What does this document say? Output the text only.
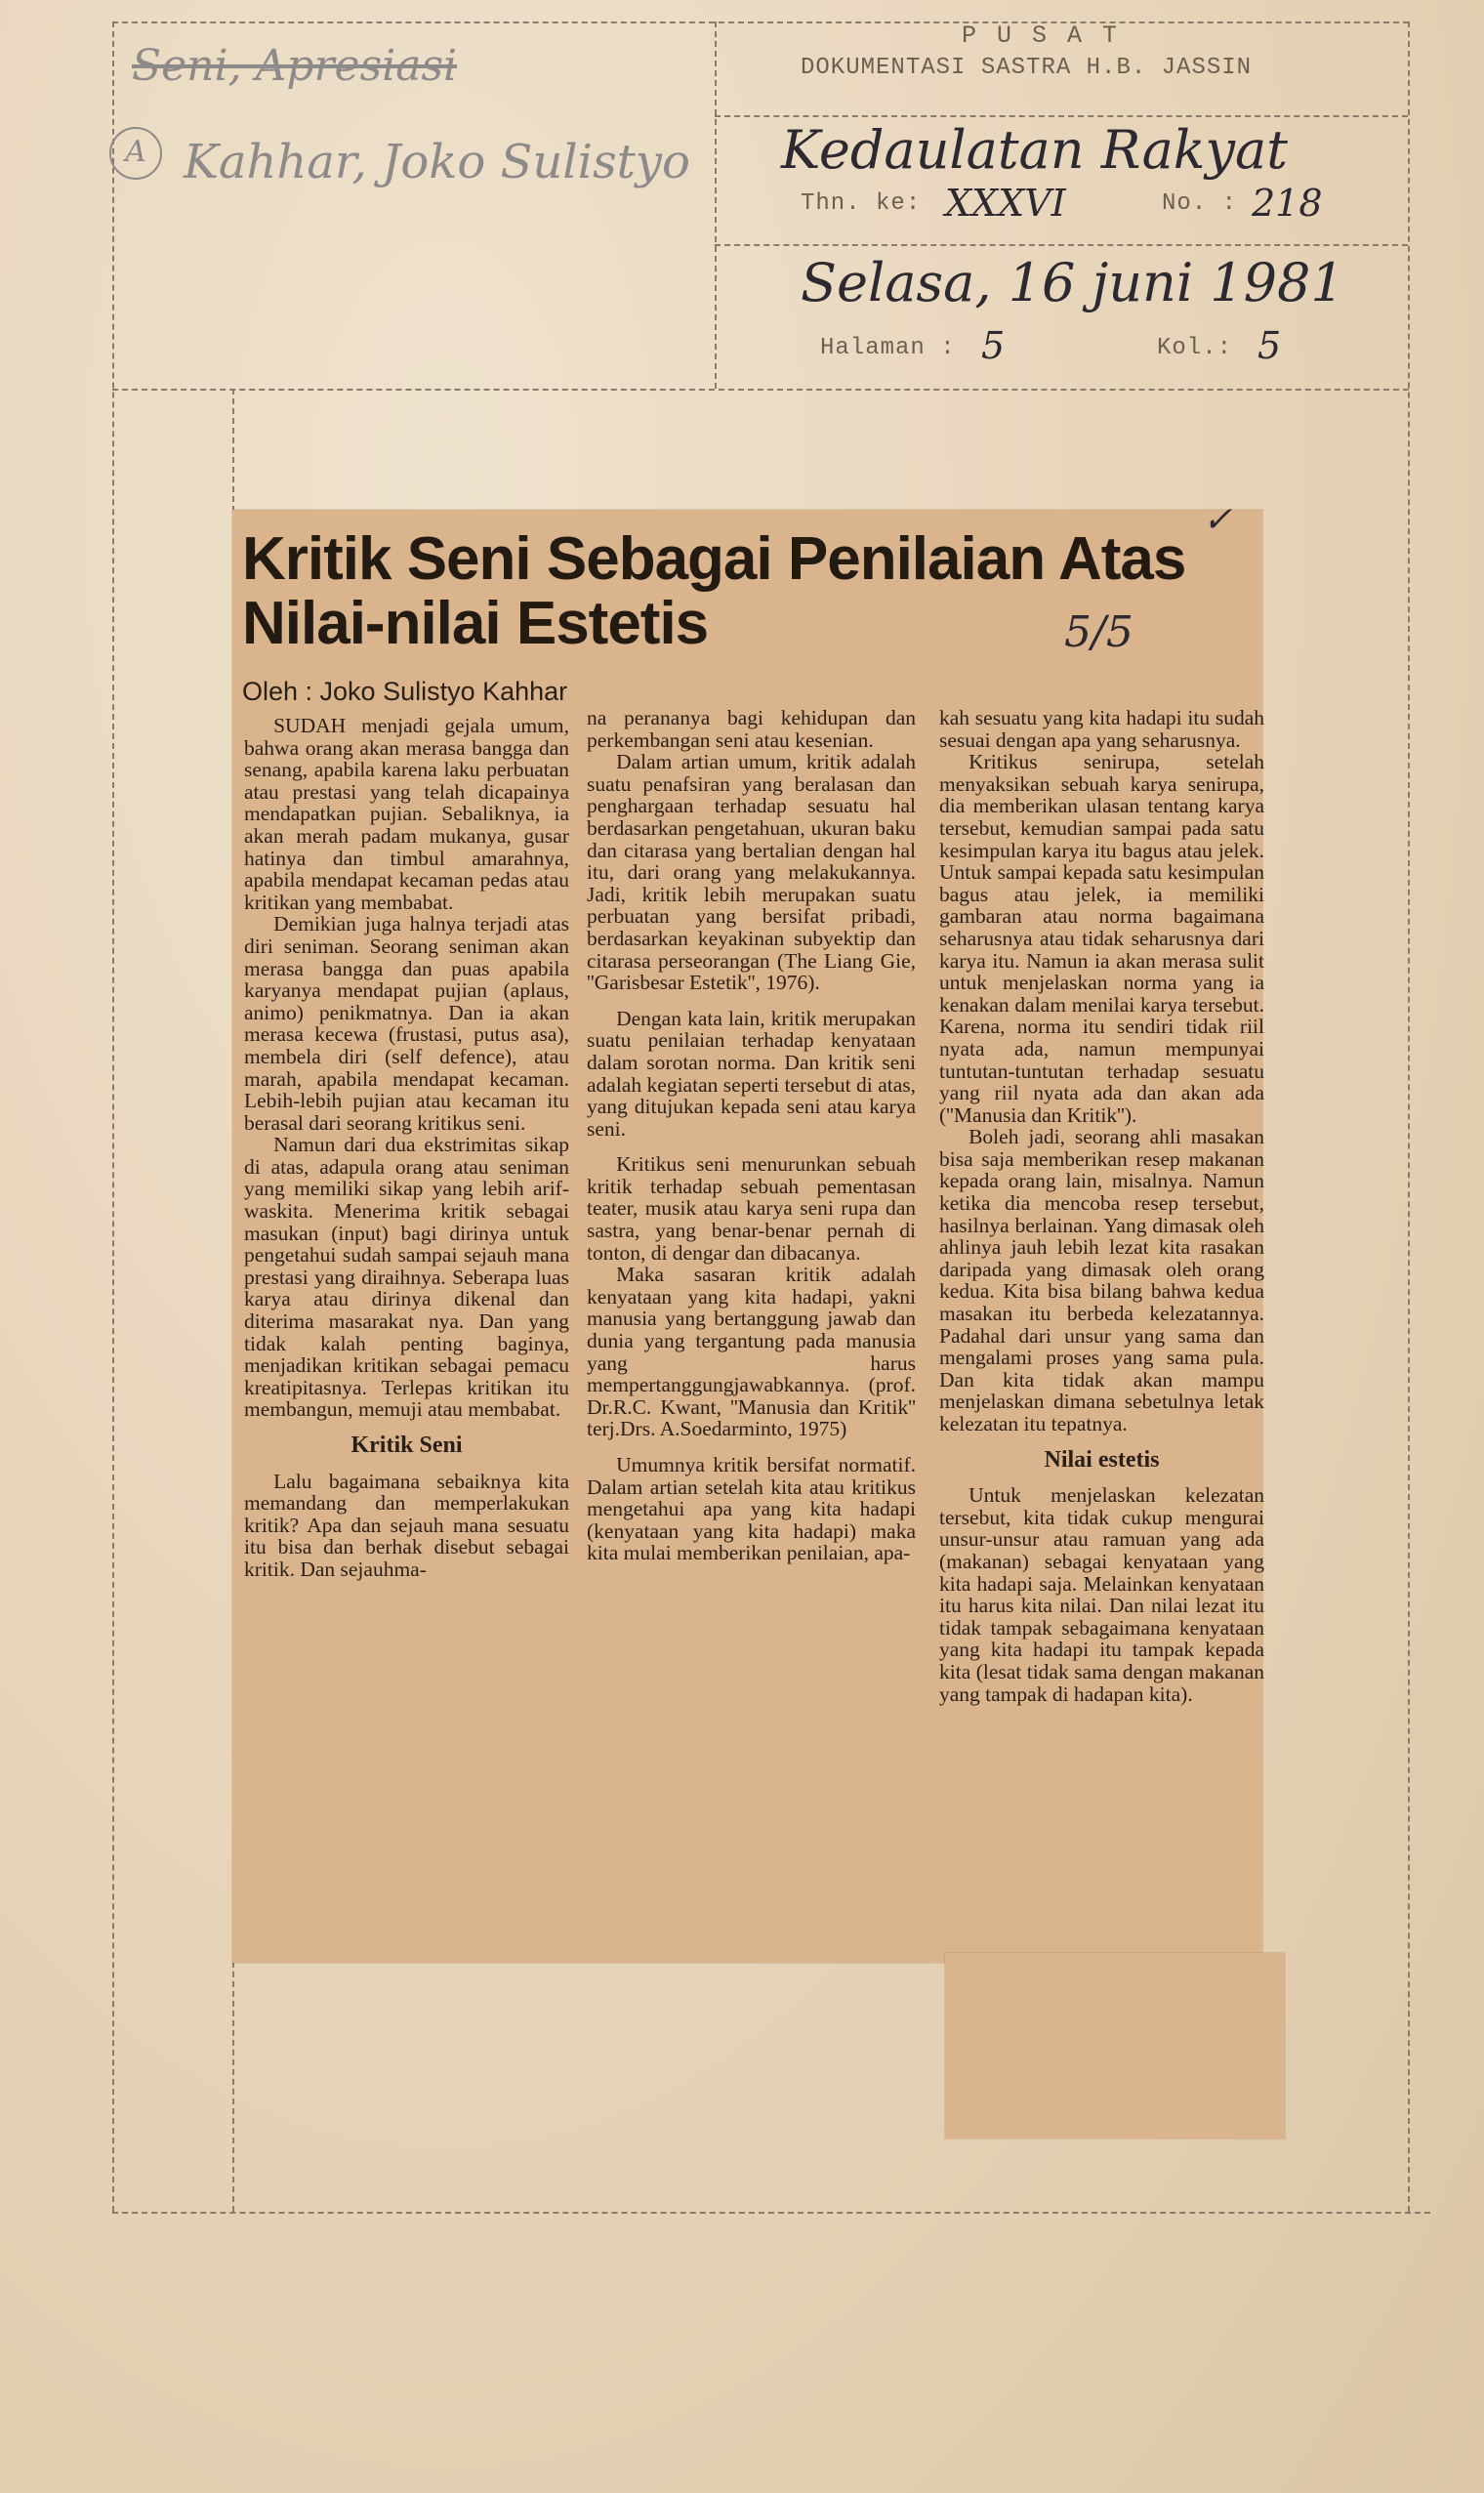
P U S A T
DOKUMENTASI SASTRA H.B. JASSIN
Seni, Apresiasi
A Kahhar, Joko Sulistyo Kedaulatan Rakyat
Thn. ke: XXXVI	No. : 218
Selasa, 16 juni 1981
Halaman : 5	Kol.: 5
Kritik Seni Sebagai Penilaian Atas Nilai-nilai Estetis	5/5
✓
Oleh : Joko Sulistyo Kahhar

SUDAH menjadi gejala umum, bahwa orang akan merasa bangga dan senang, apabila karena laku perbuatan atau prestasi yang telah dicapainya mendapatkan pujian. Sebaliknya, ia akan merah padam mukanya, gusar hatinya dan timbul amarahnya, apabila mendapat kecaman pedas atau kritikan yang membabat.

Demikian juga halnya terjadi atas diri seniman. Seorang seniman akan merasa bangga dan puas apabila karyanya mendapat pujian (aplaus, animo) penikmatnya. Dan ia akan merasa kecewa (frustasi, putus asa), membela diri (self defence), atau marah, apabila mendapat kecaman. Lebih-lebih pujian atau kecaman itu berasal dari seorang kritikus seni.

Namun dari dua ekstrimitas sikap di atas, adapula orang atau seniman yang memiliki sikap yang lebih arif-waskita. Menerima kritik sebagai masukan (input) bagi dirinya untuk pengetahui sudah sampai sejauh mana prestasi yang diraihnya. Seberapa luas karya atau dirinya dikenal dan diterima masarakat nya. Dan yang tidak kalah penting baginya, menjadikan kritikan sebagai pemacu kreatipitasnya. Terlepas kritikan itu membangun, memuji atau membabat.

Kritik Seni

Lalu bagaimana sebaiknya kita memandang dan memperlakukan kritik? Apa dan sejauh mana sesuatu itu bisa dan berhak disebut sebagai kritik. Dan sejauhma-

na perananya bagi kehidupan dan perkembangan seni atau kesenian.

Dalam artian umum, kritik adalah suatu penafsiran yang beralasan dan penghargaan terhadap sesuatu hal berdasarkan pengetahuan, ukuran baku dan citarasa yang bertalian dengan hal itu, dari orang yang melakukannya. Jadi, kritik lebih merupakan suatu perbuatan yang bersifat pribadi, berdasarkan keyakinan subyektip dan citarasa perseorangan (The Liang Gie, ''Garisbesar Estetik'', 1976).

Dengan kata lain, kritik merupakan suatu penilaian terhadap kenyataan dalam sorotan norma. Dan kritik seni adalah kegiatan seperti tersebut di atas, yang ditujukan kepada seni atau karya seni.

Kritikus seni menurunkan sebuah kritik terhadap sebuah pementasan teater, musik atau karya seni rupa dan sastra, yang benar-benar pernah di tonton, di dengar dan dibacanya.

Maka sasaran kritik adalah kenyataan yang kita hadapi, yakni manusia yang bertanggung jawab dan dunia yang tergantung pada manusia yang harus mempertanggungjawabkannya. (prof. Dr.R.C. Kwant, ''Manusia dan Kritik'' terj.Drs. A.Soedarminto, 1975)

Umumnya kritik bersifat normatif. Dalam artian setelah kita atau kritikus mengetahui apa yang kita hadapi (kenyataan yang kita hadapi) maka kita mulai memberikan penilaian, apa-

kah sesuatu yang kita hadapi itu sudah sesuai dengan apa yang seharusnya.

Kritikus senirupa, setelah menyaksikan sebuah karya senirupa, dia memberikan ulasan tentang karya tersebut, kemudian sampai pada satu kesimpulan karya itu bagus atau jelek. Untuk sampai kepada satu kesimpulan bagus atau jelek, ia memiliki gambaran atau norma bagaimana seharusnya atau tidak seharusnya dari karya itu. Namun ia akan merasa sulit untuk menjelaskan norma yang ia kenakan dalam menilai karya tersebut. Karena, norma itu sendiri tidak riil nyata ada, namun mempunyai tuntutan-tuntutan terhadap sesuatu yang riil nyata ada dan akan ada (''Manusia dan Kritik'').

Boleh jadi, seorang ahli masakan bisa saja memberikan resep makanan kepada orang lain, misalnya. Namun ketika dia mencoba resep tersebut, hasilnya berlainan. Yang dimasak oleh ahlinya jauh lebih lezat kita rasakan daripada yang dimasak oleh orang kedua. Kita bisa bilang bahwa kedua masakan itu berbeda kelezatannya. Padahal dari unsur yang sama dan mengalami proses yang sama pula. Dan kita tidak akan mampu menjelaskan dimana sebetulnya letak kelezatan itu tepatnya.

Nilai estetis

Untuk menjelaskan kelezatan tersebut, kita tidak cukup mengurai unsur-unsur atau ramuan yang ada (makanan) sebagai kenyataan yang kita hadapi saja. Melainkan kenyataan itu harus kita nilai. Dan nilai lezat itu tidak tampak sebagaimana kenyataan yang kita hadapi itu tampak kepada kita (lesat tidak sama dengan makanan yang tampak di hadapan kita).
